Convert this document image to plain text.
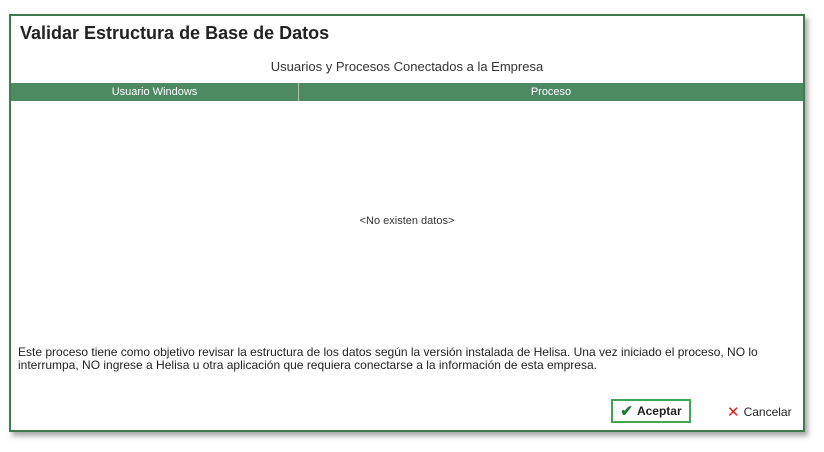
Validar Estructura de Base de Datos
Usuarios y Procesos Conectados a la Empresa
Usuario Windows	Proceso
<No existen datos>
Este proceso tiene como objetivo revisar la estructura de los datos según la versión instalada de Helisa. Una vez iniciado el proceso, NO lo interrumpa, NO ingrese a Helisa u otra aplicación que requiera conectarse a la información de esta empresa.
✔ Aceptar	✕ Cancelar
